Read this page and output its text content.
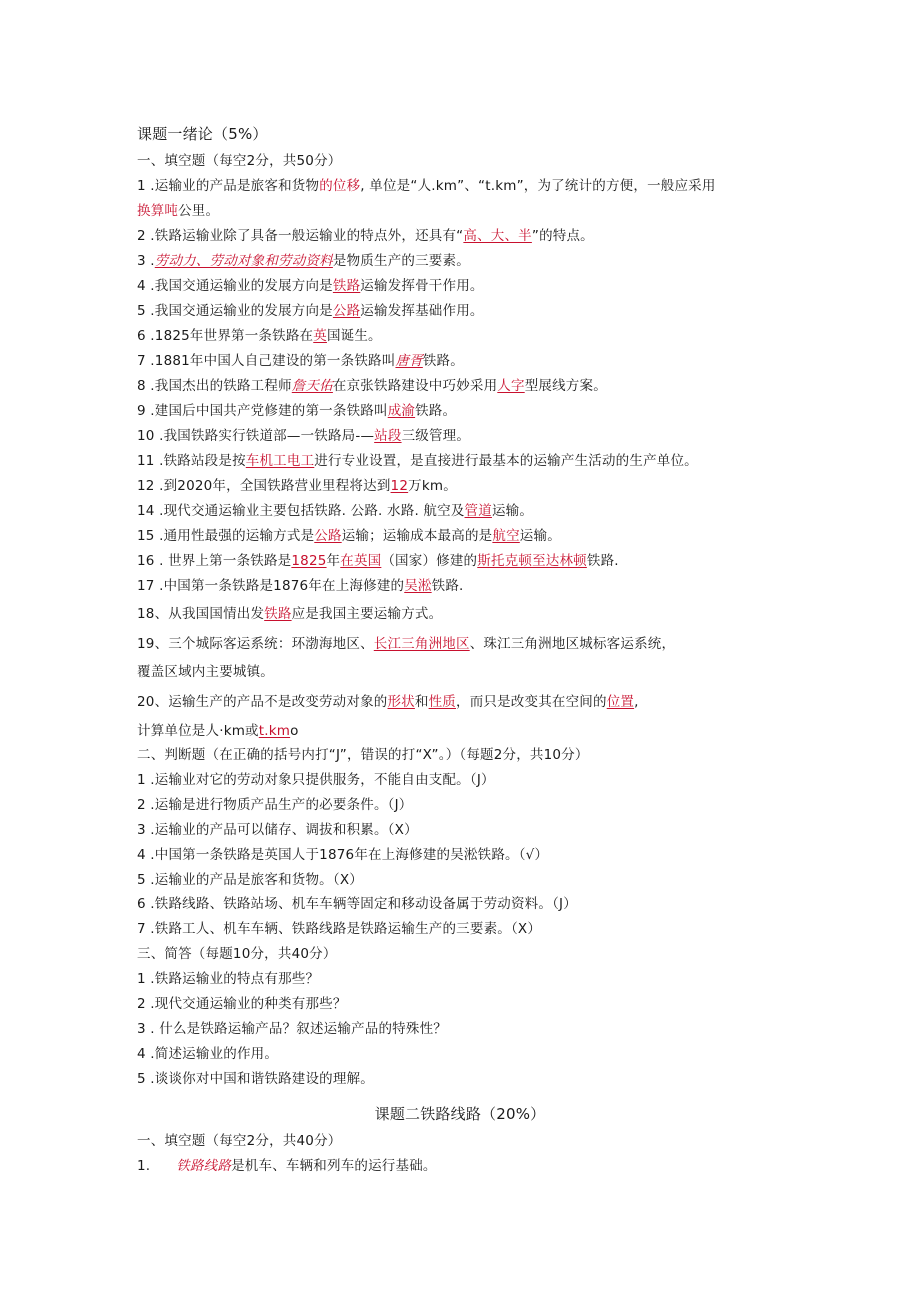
课题一绪论（5%）
一、填空题（每空2分，共50分）
1 .运输业的产品是旅客和货物的位移, 单位是“人.km”、“t.km”，为了统计的方便，一般应采用
换算吨公里。
2 .铁路运输业除了具备一般运输业的特点外，还具有“高、大、半”的特点。
3 .劳动力、劳动对象和劳动资料是物质生产的三要素。
4 .我国交通运输业的发展方向是铁路运输发挥骨干作用。
5 .我国交通运输业的发展方向是公路运输发挥基础作用。
6 .1825年世界第一条铁路在英国诞生。
7 .1881年中国人自己建设的第一条铁路叫唐胥铁路。
8 .我国杰出的铁路工程师詹天佑在京张铁路建设中巧妙采用人字型展线方案。
9 .建国后中国共产党修建的第一条铁路叫成渝铁路。
10 .我国铁路实行铁道部—一铁路局-—站段三级管理。
11 .铁路站段是按车机工电工进行专业设置，是直接进行最基本的运输产生活动的生产单位。
12 .到2020年，全国铁路营业里程将达到12万km。
14 .现代交通运输业主要包括铁路. 公路. 水路. 航空及管道运输。
15 .通用性最强的运输方式是公路运输；运输成本最高的是航空运输。
16 . 世界上第一条铁路是1825年在英国（国家）修建的斯托克顿至达林顿铁路.
17 .中国第一条铁路是1876年在上海修建的吴淞铁路.
18、从我国国情出发铁路应是我国主要运输方式。
19、三个城际客运系统：环渤海地区、长江三角洲地区、珠江三角洲地区城标客运系统，
覆盖区域内主要城镇。
20、运输生产的产品不是改变劳动对象的形状和性质，而只是改变其在空间的位置,
计算单位是人·km或t.kmo
二、判断题（在正确的括号内打“J”，错误的打“X”。）（每题2分，共10分）
1 .运输业对它的劳动对象只提供服务，不能自由支配。（J）
2 .运输是进行物质产品生产的必要条件。（J）
3 .运输业的产品可以储存、调拔和积累。（X）
4 .中国第一条铁路是英国人于1876年在上海修建的吴淞铁路。（√）
5 .运输业的产品是旅客和货物。（X）
6 .铁路线路、铁路站场、机车车辆等固定和移动设备属于劳动资料。（J）
7 .铁路工人、机车车辆、铁路线路是铁路运输生产的三要素。（X）
三、简答（每题10分，共40分）
1 .铁路运输业的特点有那些？
2 .现代交通运输业的种类有那些？
3 . 什么是铁路运输产品？叙述运输产品的特殊性？
4 .简述运输业的作用。
5 .谈谈你对中国和谐铁路建设的理解。
课题二铁路线路（20%）
一、填空题（每空2分，共40分）
1. 铁路线路是机车、车辆和列车的运行基础。
